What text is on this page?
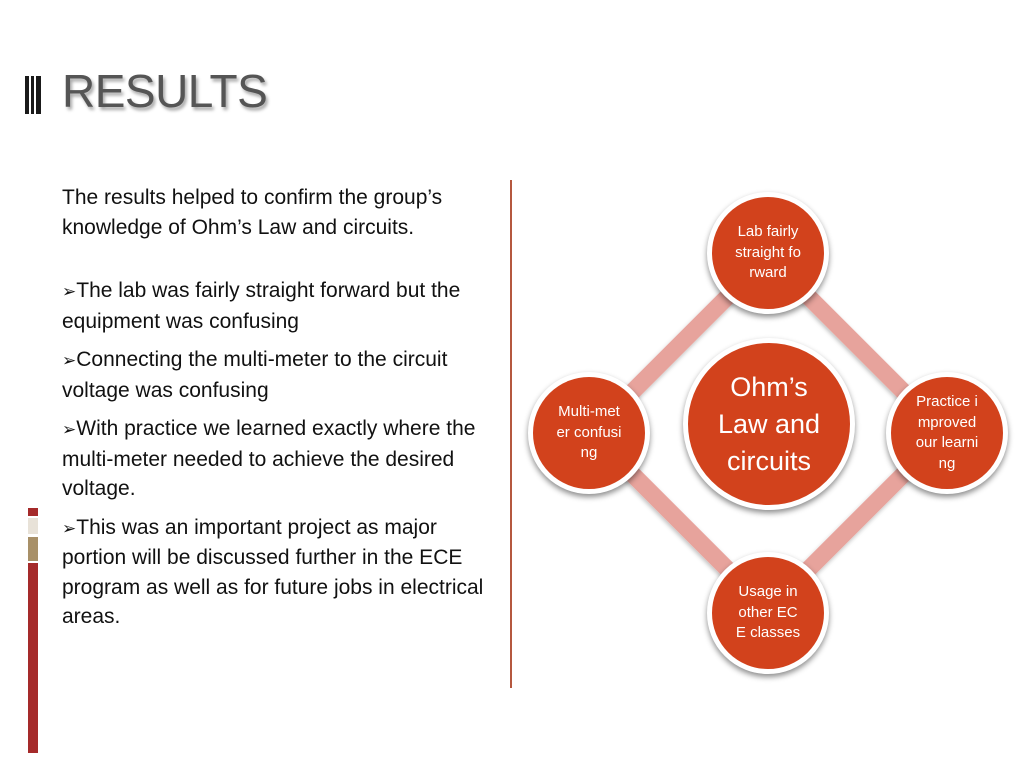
RESULTS

The results helped to confirm the group’s knowledge of Ohm’s Law and circuits.

➢The lab was fairly straight forward but the equipment was confusing

➢Connecting the multi-meter to the circuit voltage was confusing

➢With practice we learned exactly where the multi-meter needed to achieve the desired voltage.

➢This was an important project as major portion will be discussed further in the ECE program as well as for future jobs in electrical areas.

Lab fairly straight forward
Practice improved our learning
Usage in other ECE classes
Multi-meter confusing
Ohm’s Law and circuits
